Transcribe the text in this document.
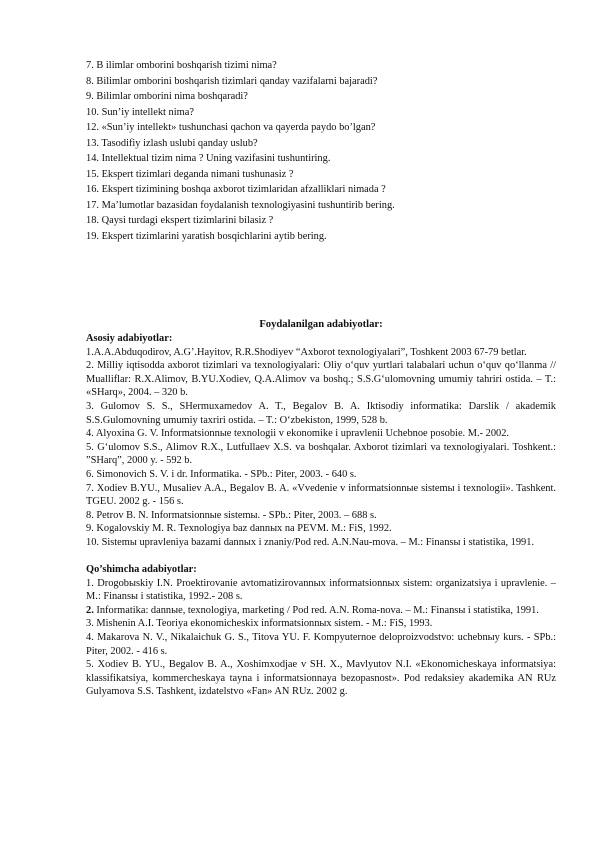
7. B ilimlar omborini boshqarish tizimi nima?
8. Bilimlar omborini boshqarish tizimlari qanday vazifalarni bajaradi?
9. Bilimlar omborini nima boshqaradi?
10. Sun’iy intellekt nima?
12. «Sun’iy intellekt» tushunchasi qachon va qayerda paydo bo’lgan?
13. Tasodifiy izlash uslubi qanday uslub?
14. Intellektual tizim nima ? Uning vazifasini tushuntiring.
15. Ekspert tizimlari deganda nimani tushunasiz ?
16. Ekspert tizimining boshqa axborot tizimlaridan afzalliklari nimada ?
17. Ma’lumotlar bazasidan foydalanish texnologiyasini tushuntirib bering.
18. Qaysi turdagi ekspert tizimlarini bilasiz ?
19. Ekspert tizimlarini yaratish bosqichlarini aytib bering.
Foydalanilgan adabiyotlar:

Asosiy adabiyotlar:

1.A.A.Abduqodirov, A.G’.Hayitov, R.R.Shodiyev “Axborot texnologiyalari”, Toshkent 2003 67-79 betlar.

2. Milliy iqtisodda axborot tizimlari va texnologiyalari: Oliy o‘quv yurtlari talabalari uchun o‘quv qo‘llanma // Mualliflar: R.X.Alimov, B.YU.Xodiev, Q.A.Alimov va boshq.; S.S.G‘ulomovning umumiy tahriri ostida. – T.: «SHarq», 2004. – 320 b.

3. Gulomov S. S., SHermuxamedov A. T., Begalov B. A. Iktisodiy informatika: Darslik / akademik S.S.Gulomovning umumiy taxriri ostida. – T.: O‘zbekiston, 1999, 528 b.

4. Alyoxina G. V. Informatsionnыe texnologii v ekonomike i upravlenii Uchebnoe posobie. M.- 2002.

5. G‘ulomov S.S., Alimov R.X., Lutfullaev X.S. va boshqalar. Axborot tizimlari va texnologiyalari. Toshkent.: ”SHarq”, 2000 y. - 592 b.

6. Simonovich S. V. i dr. Informatika. - SPb.: Piter, 2003. - 640 s.

7. Xodiev B.YU., Musaliev A.A., Begalov B. A. «Vvedenie v informatsionnыe sistemы i texnologii». Tashkent. TGEU. 2002 g. - 156 s.

8. Petrov B. N. Informatsionnыe sistemы. - SPb.: Piter, 2003. – 688 s.

9. Kogalovskiy M. R. Texnologiya baz dannыx na PEVM. M.: FiS, 1992.

10. Sistemы upravleniya bazami dannыx i znaniy/Pod red. A.N.Nau-mova. – M.: Finansы i statistika, 1991.

Qo’shimcha adabiyotlar:

1. Drogobыskiy I.N. Proektirovanie avtomatizirovannыx informatsionnыx sistem: organizatsiya i upravlenie. – M.: Finansы i statistika, 1992.- 208 s.

2. Informatika: dannыe, texnologiya, marketing / Pod red. A.N. Roma-nova. – M.: Finansы i statistika, 1991.

3. Mishenin A.I. Teoriya ekonomicheskix informatsionnыx sistem. - M.: FiS, 1993.

4. Makarova N. V., Nikalaichuk G. S., Titova YU. F. Kompyuternoe deloproizvodstvo: uchebnыy kurs. - SPb.: Piter, 2002. - 416 s.

5. Xodiev B. YU., Begalov B. A., Xoshimxodjae v SH. X., Mavlyutov N.I. «Ekonomicheskaya informatsiya: klassifikatsiya, kommercheskaya tayna i informatsionnaya bezopasnost». Pod redaksiey akademika AN RUz Gulyamova S.S. Tashkent, izdatelstvo «Fan» AN RUz. 2002 g.
